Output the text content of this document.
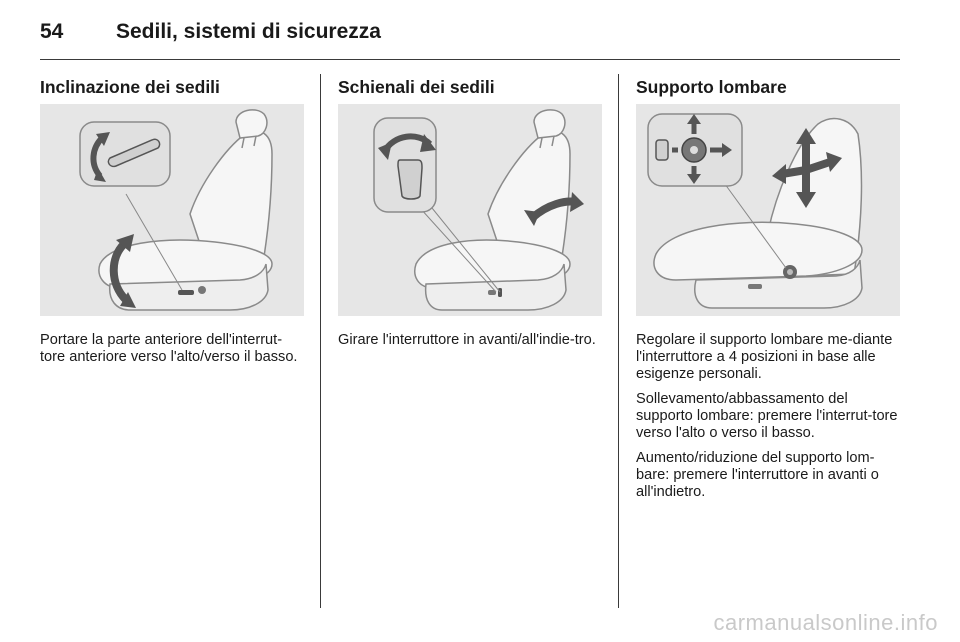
54	Sedili, sistemi di sicurezza
Inclinazione dei sedili

Portare la parte anteriore dell'interrut-tore anteriore verso l'alto/verso il basso.

Schienali dei sedili

Girare l'interruttore in avanti/all'indie-tro.

Supporto lombare

Regolare il supporto lombare me-diante l'interruttore a 4 posizioni in base alle esigenze personali.

Sollevamento/abbassamento del supporto lombare: premere l'interrut-tore verso l'alto o verso il basso.

Aumento/riduzione del supporto lom-bare: premere l'interruttore in avanti o all'indietro.

carmanualsonline.info
